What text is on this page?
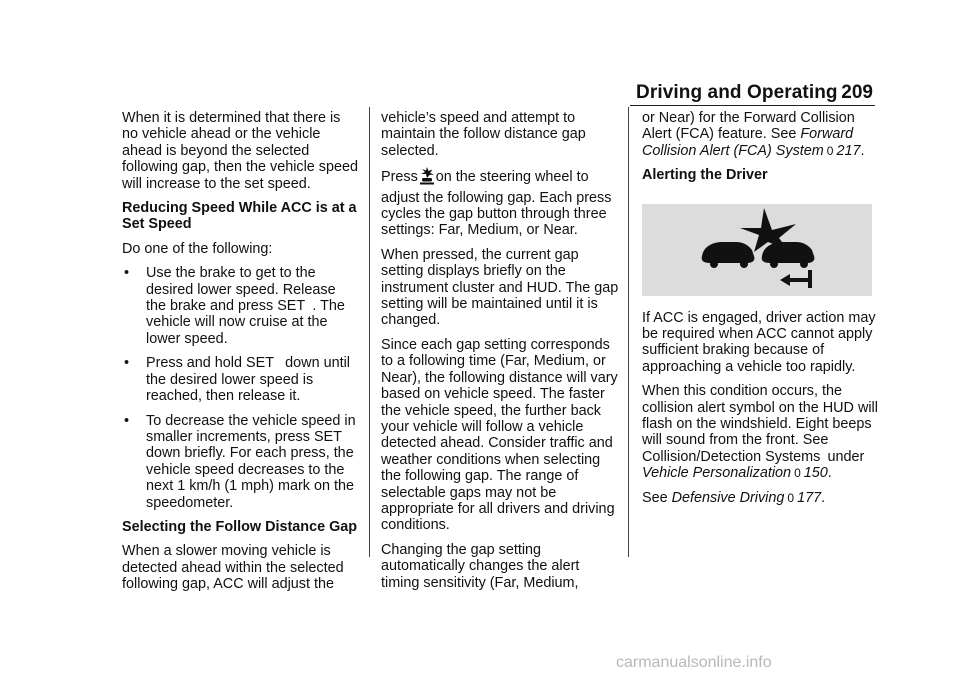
Driving and Operating 209

When it is determined that there is no vehicle ahead or the vehicle ahead is beyond the selected following gap, then the vehicle speed will increase to the set speed.

Reducing Speed While ACC is at a Set Speed

Do one of the following:

• Use the brake to get to the desired lower speed. Release the brake and press SET . The vehicle will now cruise at the lower speed.
• Press and hold SET  down until the desired lower speed is reached, then release it.
• To decrease the vehicle speed in smaller increments, press SET down briefly. For each press, the vehicle speed decreases to the next 1 km/h (1 mph) mark on the speedometer.

Selecting the Follow Distance Gap

When a slower moving vehicle is detected ahead within the selected following gap, ACC will adjust the

vehicle’s speed and attempt to maintain the follow distance gap selected.

Press on the steering wheel to adjust the following gap. Each press cycles the gap button through three settings: Far, Medium, or Near.

When pressed, the current gap setting displays briefly on the instrument cluster and HUD. The gap setting will be maintained until it is changed.

Since each gap setting corresponds to a following time (Far, Medium, or Near), the following distance will vary based on vehicle speed. The faster the vehicle speed, the further back your vehicle will follow a vehicle detected ahead. Consider traffic and weather conditions when selecting the following gap. The range of selectable gaps may not be appropriate for all drivers and driving conditions.

Changing the gap setting automatically changes the alert timing sensitivity (Far, Medium,

or Near) for the Forward Collision Alert (FCA) feature. See Forward Collision Alert (FCA) System 0 217.

Alerting the Driver

If ACC is engaged, driver action may be required when ACC cannot apply sufficient braking because of approaching a vehicle too rapidly.

When this condition occurs, the collision alert symbol on the HUD will flash on the windshield. Eight beeps will sound from the front. See Collision/Detection Systems under Vehicle Personalization 0 150.

See Defensive Driving 0 177.

carmanualsonline.info
